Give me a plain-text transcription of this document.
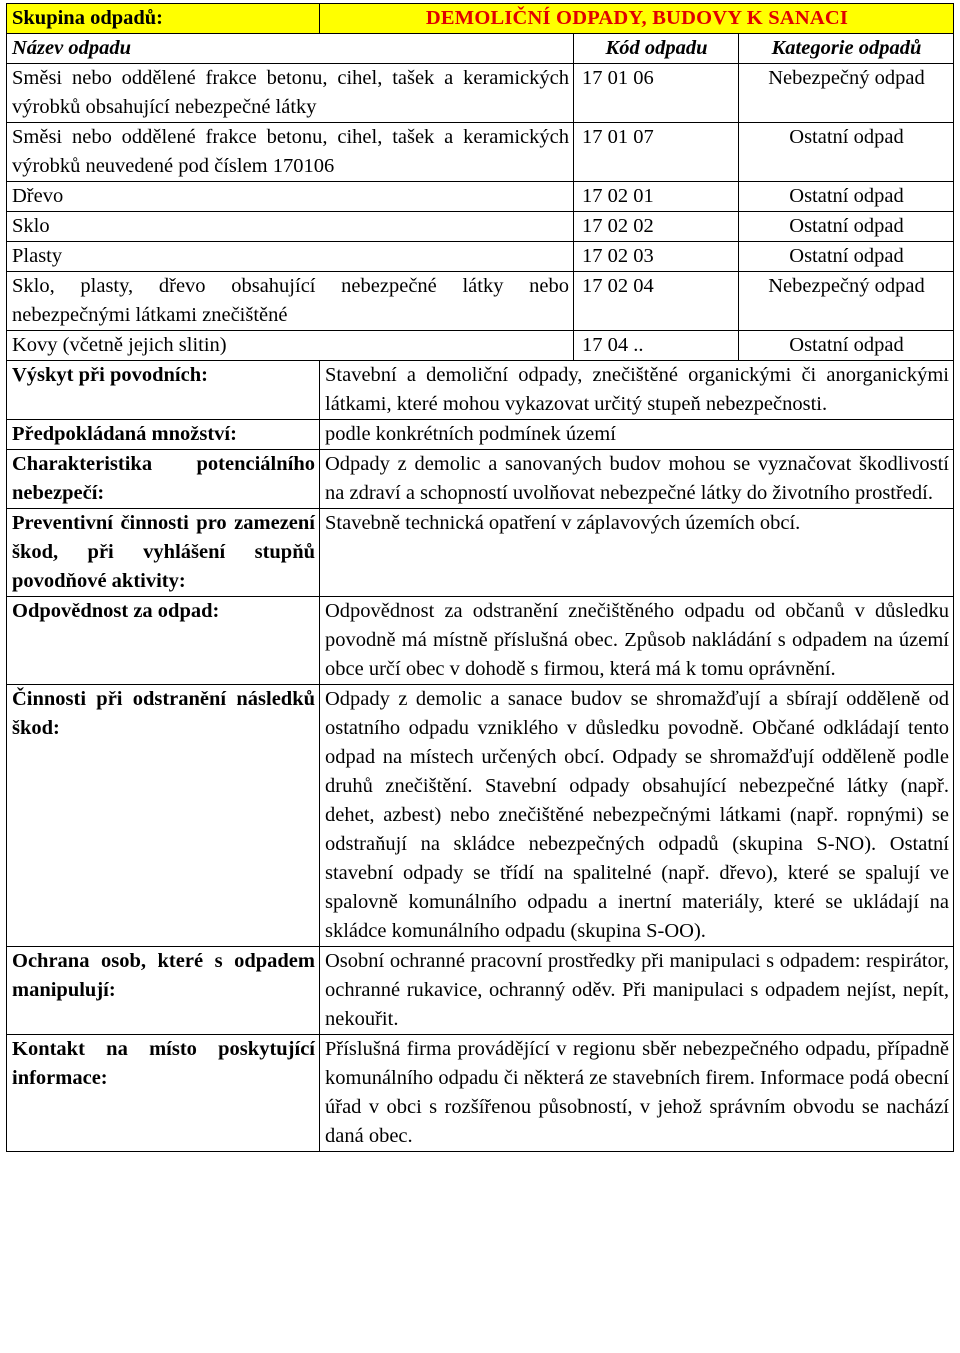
Skupina odpadů:	DEMOLIČNÍ ODPADY, BUDOVY K SANACI		
Název odpadu		Kód odpadu	Kategorie odpadů
Směsi nebo oddělené frakce betonu, cihel, tašek a keramických výrobků obsahující nebezpečné látky		17 01 06	Nebezpečný odpad
Směsi nebo oddělené frakce betonu, cihel, tašek a keramických výrobků neuvedené pod číslem 170106		17 01 07	Ostatní odpad
Dřevo		17 02 01	Ostatní odpad
Sklo		17 02 02	Ostatní odpad
Plasty		17 02 03	Ostatní odpad
Sklo, plasty, dřevo obsahující nebezpečné látky nebo nebezpečnými látkami znečištěné		17 02 04	Nebezpečný odpad
Kovy (včetně jejich slitin)		17 04 ..	Ostatní odpad
Výskyt při povodních:	Stavební a demoliční odpady, znečištěné organickými či anorganickými látkami, které mohou vykazovat určitý stupeň nebezpečnosti.		
Předpokládaná množství:	podle konkrétních podmínek území		
Charakteristika potenciálního nebezpečí:	Odpady z demolic a sanovaných budov mohou se vyznačovat škodlivostí na zdraví a schopností uvolňovat nebezpečné látky do životního prostředí.		
Preventivní činnosti pro zamezení škod, při vyhlášení stupňů povodňové aktivity:	Stavebně technická opatření v záplavových územích obcí.		
Odpovědnost za odpad:	Odpovědnost za odstranění znečištěného odpadu od občanů v důsledku povodně má místně příslušná obec. Způsob nakládání s odpadem na území obce určí obec v dohodě s firmou, která má k tomu oprávnění.		
Činnosti při odstranění následků škod:	Odpady z demolic a sanace budov se shromažďují a sbírají odděleně od ostatního odpadu vzniklého v důsledku povodně. Občané odkládají tento odpad na místech určených obcí. Odpady se shromažďují odděleně podle druhů znečištění. Stavební odpady obsahující nebezpečné látky (např. dehet, azbest) nebo znečištěné nebezpečnými látkami (např. ropnými) se odstraňují na skládce nebezpečných odpadů (skupina S-NO). Ostatní stavební odpady se třídí na spalitelné (např. dřevo), které se spalují ve spalovně komunálního odpadu a inertní materiály, které se ukládají na skládce komunálního odpadu (skupina S-OO).		
Ochrana osob, které s odpadem manipulují:	Osobní ochranné pracovní prostředky při manipulaci s odpadem: respirátor, ochranné rukavice, ochranný oděv. Při manipulaci s odpadem nejíst, nepít, nekouřit.		
Kontakt na místo poskytující informace:	Příslušná firma provádějící v regionu sběr nebezpečného odpadu, případně komunálního odpadu či některá ze stavebních firem. Informace podá obecní úřad v obci s rozšířenou působností, v jehož správním obvodu se nachází daná obec.		
